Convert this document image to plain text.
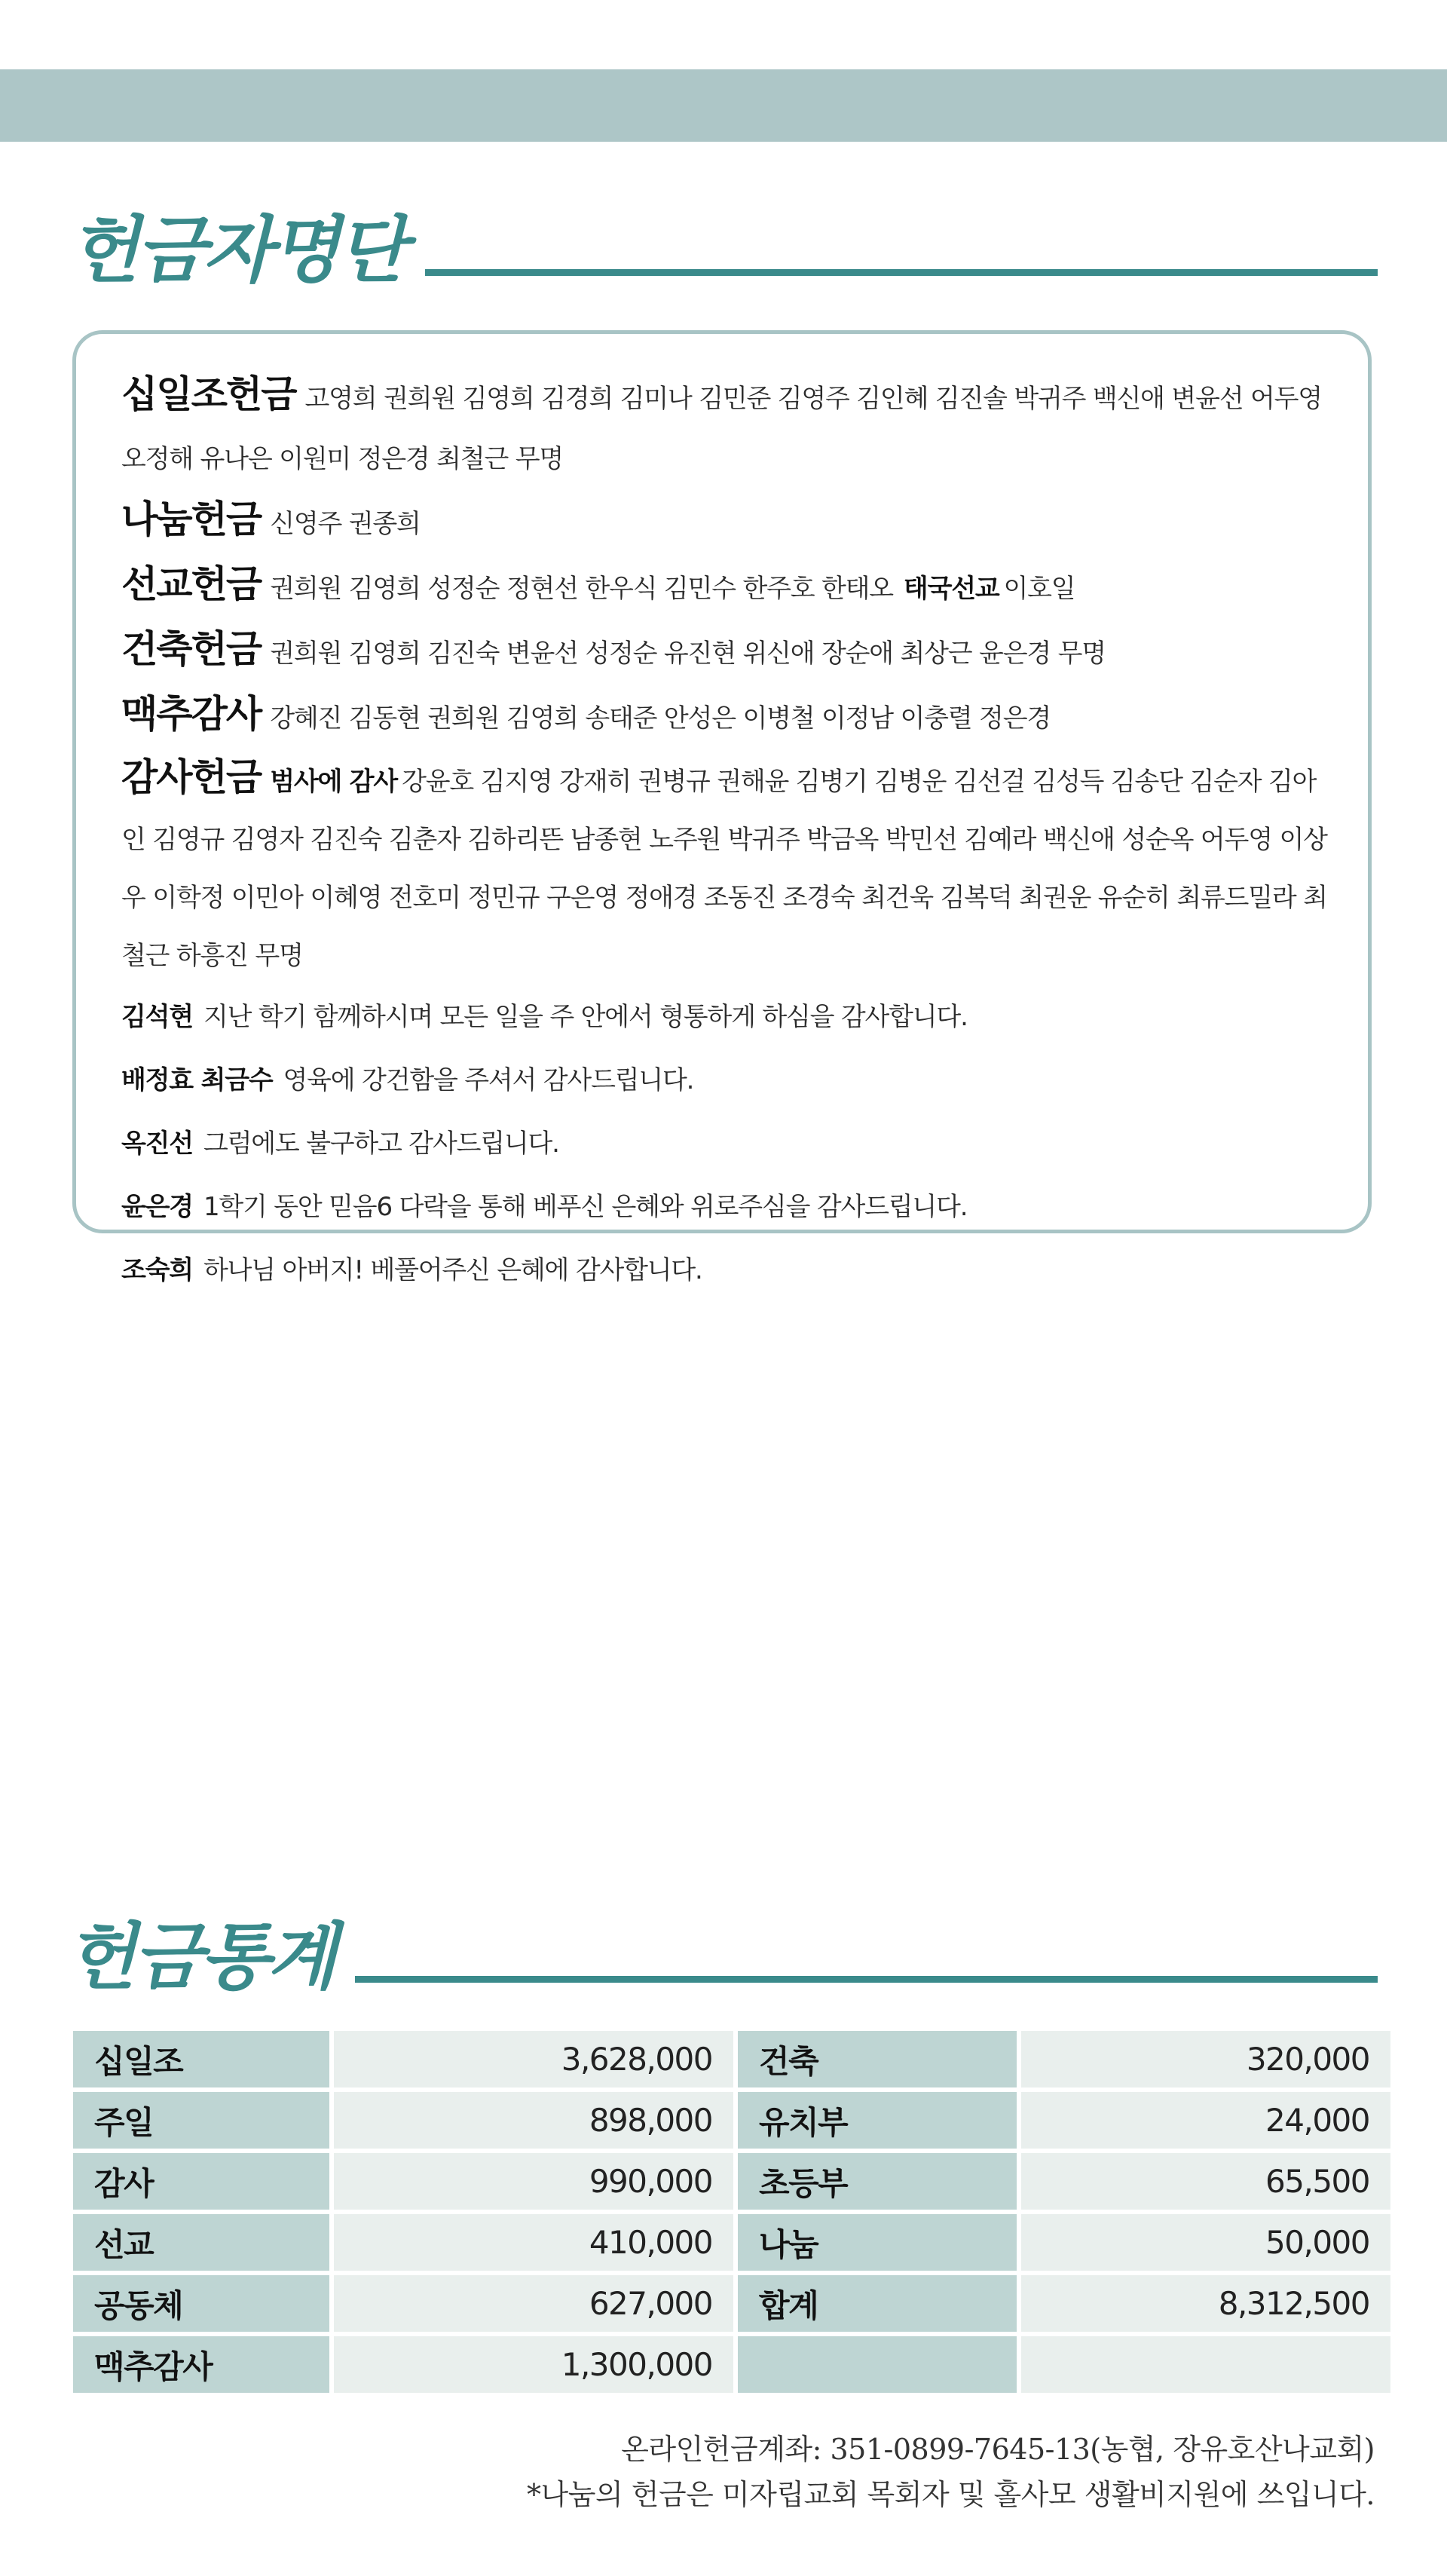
헌금자명단
십일조헌금 고영희 권희원 김영희 김경희 김미나 김민준 김영주 김인혜 김진솔 박귀주 백신애 변윤선 어두영 오정해 유나은 이원미 정은경 최철근 무명
나눔헌금 신영주 권종희
선교헌금 권희원 김영희 성정순 정현선 한우식 김민수 한주호 한태오 태국선교 이호일
건축헌금 권희원 김영희 김진숙 변윤선 성정순 유진현 위신애 장순애 최상근 윤은경 무명
맥추감사 강혜진 김동현 권희원 김영희 송태준 안성은 이병철 이정남 이충렬 정은경
감사헌금 범사에 감사 강윤호 김지영 강재히 권병규 권해윤 김병기 김병운 김선걸 김성득 김송단 김순자 김아인 김영규 김영자 김진숙 김춘자 김하리뜬 남종현 노주원 박귀주 박금옥 박민선 김예라 백신애 성순옥 어두영 이상우 이학정 이민아 이혜영 전호미 정민규 구은영 정애경 조동진 조경숙 최건욱 김복덕 최권운 유순히 최류드밀라 최철근 하흥진 무명
김석현 지난 학기 함께하시며 모든 일을 주 안에서 형통하게 하심을 감사합니다.
배정효 최금수 영육에 강건함을 주셔서 감사드립니다.
옥진선 그럼에도 불구하고 감사드립니다.
윤은경 1학기 동안 믿음6 다락을 통해 베푸신 은혜와 위로주심을 감사드립니다.
조숙희 하나님 아버지! 베풀어주신 은혜에 감사합니다.
헌금통계
십일조	3,628,000	건축	320,000
주일	898,000	유치부	24,000
감사	990,000	초등부	65,500
선교	410,000	나눔	50,000
공동체	627,000	합계	8,312,500
맥추감사	1,300,000		
온라인헌금계좌: 351-0899-7645-13(농협, 장유호산나교회)
*나눔의 헌금은 미자립교회 목회자 및 홀사모 생활비지원에 쓰입니다.
